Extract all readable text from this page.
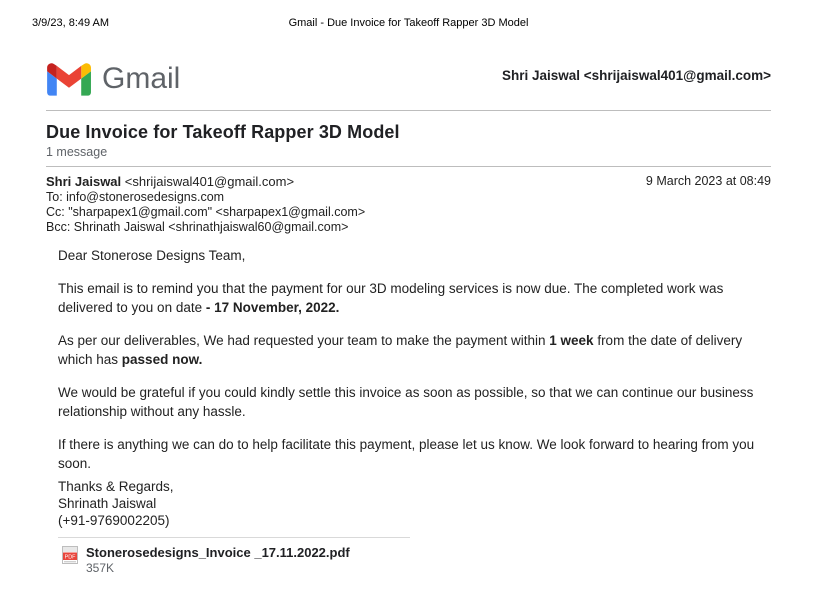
3/9/23, 8:49 AM	Gmail - Due Invoice for Takeoff Rapper 3D Model
Gmail	Shri Jaiswal <shrijaiswal401@gmail.com>
Due Invoice for Takeoff Rapper 3D Model
1 message
Shri Jaiswal <shrijaiswal401@gmail.com>	9 March 2023 at 08:49
To: info@stonerosedesigns.com
Cc: "sharpapex1@gmail.com" <sharpapex1@gmail.com>
Bcc: Shrinath Jaiswal <shrinathjaiswal60@gmail.com>

Dear Stonerose Designs Team,

This email is to remind you that the payment for our 3D modeling services is now due. The completed work was delivered to you on date - 17 November, 2022.

As per our deliverables, We had requested your team to make the payment within 1 week from the date of delivery which has passed now.

We would be grateful if you could kindly settle this invoice as soon as possible, so that we can continue our business relationship without any hassle.

If there is anything we can do to help facilitate this payment, please let us know. We look forward to hearing from you soon.

Thanks & Regards,
Shrinath Jaiswal
(+91-9769002205)
PDF Stonerosedesigns_Invoice _17.11.2022.pdf
357K
